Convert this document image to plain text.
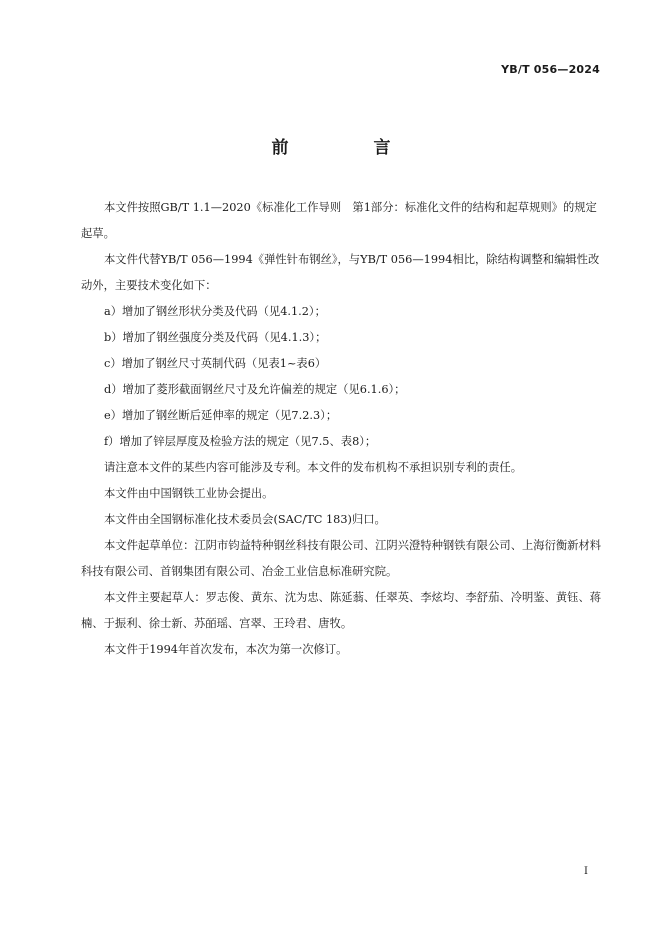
YB/T 056—2024
前　言
本文件按照GB/T 1.1—2020《标准化工作导则　第1部分：标准化文件的结构和起草规则》的规定起草。
本文件代替YB/T 056—1994《弹性针布钢丝》，与YB/T 056—1994相比，除结构调整和编辑性改动外，主要技术变化如下：
a）增加了钢丝形状分类及代码（见4.1.2）；
b）增加了钢丝强度分类及代码（见4.1.3）；
c）增加了钢丝尺寸英制代码（见表1~表6）
d）增加了菱形截面钢丝尺寸及允许偏差的规定（见6.1.6）；
e）增加了钢丝断后延伸率的规定（见7.2.3）；
f）增加了锌层厚度及检验方法的规定（见7.5、表8）；
请注意本文件的某些内容可能涉及专利。本文件的发布机构不承担识别专利的责任。
本文件由中国钢铁工业协会提出。
本文件由全国钢标准化技术委员会(SAC/TC 183)归口。
本文件起草单位：江阴市钧益特种钢丝科技有限公司、江阴兴澄特种钢铁有限公司、上海衍衡新材料科技有限公司、首钢集团有限公司、冶金工业信息标准研究院。
本文件主要起草人：罗志俊、黄东、沈为忠、陈延蓊、任翠英、李炫均、李舒茄、冷明鉴、黄钰、蒋楠、于振利、徐士新、苏皕瑶、宫翠、王玲君、唐牧。
本文件于1994年首次发布，本次为第一次修订。
I
